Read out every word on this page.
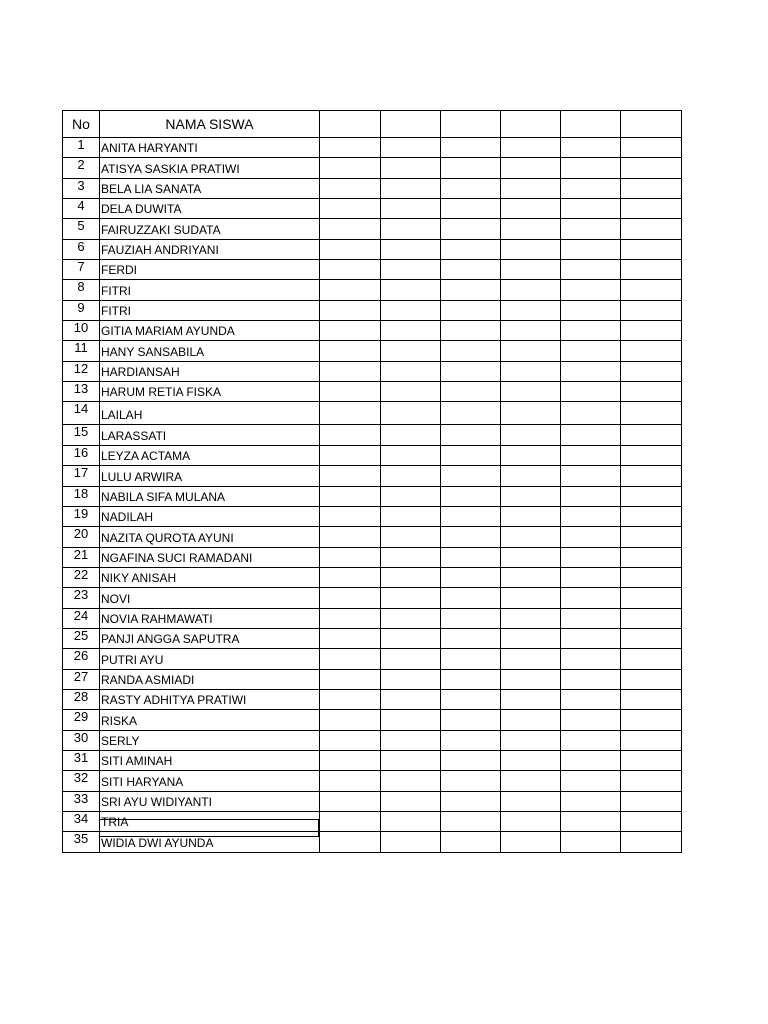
No	NAMA SISWA						
1	ANITA HARYANTI						
2	ATISYA SASKIA PRATIWI						
3	BELA LIA SANATA						
4	DELA DUWITA						
5	FAIRUZZAKI SUDATA						
6	FAUZIAH ANDRIYANI						
7	FERDI						
8	FITRI						
9	FITRI						
10	GITIA MARIAM AYUNDA						
11	HANY SANSABILA						
12	HARDIANSAH						
13	HARUM RETIA FISKA						
14	LAILAH						
15	LARASSATI						
16	LEYZA ACTAMA						
17	LULU ARWIRA						
18	NABILA SIFA MULANA						
19	NADILAH						
20	NAZITA QUROTA AYUNI						
21	NGAFINA SUCI RAMADANI						
22	NIKY ANISAH						
23	NOVI						
24	NOVIA RAHMAWATI						
25	PANJI ANGGA SAPUTRA						
26	PUTRI AYU						
27	RANDA ASMIADI						
28	RASTY ADHITYA PRATIWI						
29	RISKA						
30	SERLY						
31	SITI AMINAH						
32	SITI HARYANA						
33	SRI AYU WIDIYANTI						
34	TRIA						
35	WIDIA DWI AYUNDA						
